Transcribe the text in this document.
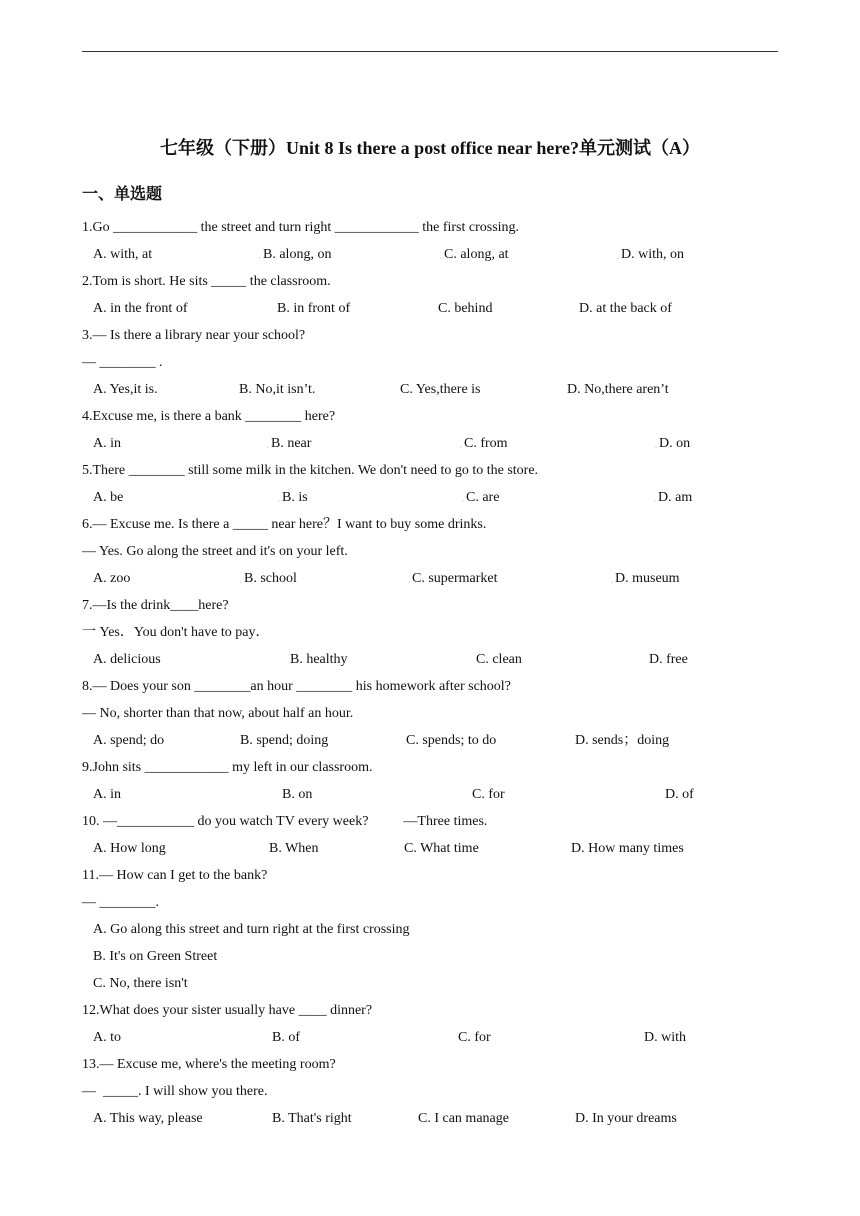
七年级（下册）Unit 8 Is there a post office near here?单元测试（A）
一、单选题
1.Go ____________ the street and turn right ____________ the first crossing.
A. with, at	◦ B. along, on	◦ C. along, at	◦ D. with, on
2.Tom is short. He sits _____ the classroom.
A. in the front of	B. in front of	C. behind	D. at the back of
3.— Is there a library near your school?
— ________ .
A. Yes,it is.	B. No,it isn’t.	C. Yes,there is	D. No,there aren’t
4.Excuse me, is there a bank ________ here?
A. in	◦ B. near	◦ C. from	◦ D. on
5.There ________ still some milk in the kitchen. We don't need to go to the store.
A. be	◦ B. is	◦ C. are	◦ D. am
6.— Excuse me. Is there a _____ near here？I want to buy some drinks.
— Yes. Go along the street and it's on your left.
A. zoo	◦ B. school	◦ C. supermarket	◦ D. museum
7.—Is the drink____here?
一 Yes．You don't have to pay．
A. delicious	B. healthy	C. clean	D. free
8.— Does your son ________an hour ________ his homework after school?
— No, shorter than that now, about half an hour.
A. spend; do	B. spend; doing	C. spends; to do	D. sends；doing
9.John sits ____________ my left in our classroom.
A. in	B. on	C. for	D. of
10. —___________ do you watch TV every week?          —Three times.
A. How long	B. When	C. What time	D. How many times
11.— How can I get to the bank?
— ________.
A. Go along this street and turn right at the first crossing
B. It's on Green Street
C. No, there isn't
12.What does your sister usually have ____ dinner?
A. to	B. of	C. for	D. with
13.— Excuse me, where's the meeting room?
—  _____. I will show you there.
A. This way, please	B. That's right	C. I can manage	D. In your dreams
